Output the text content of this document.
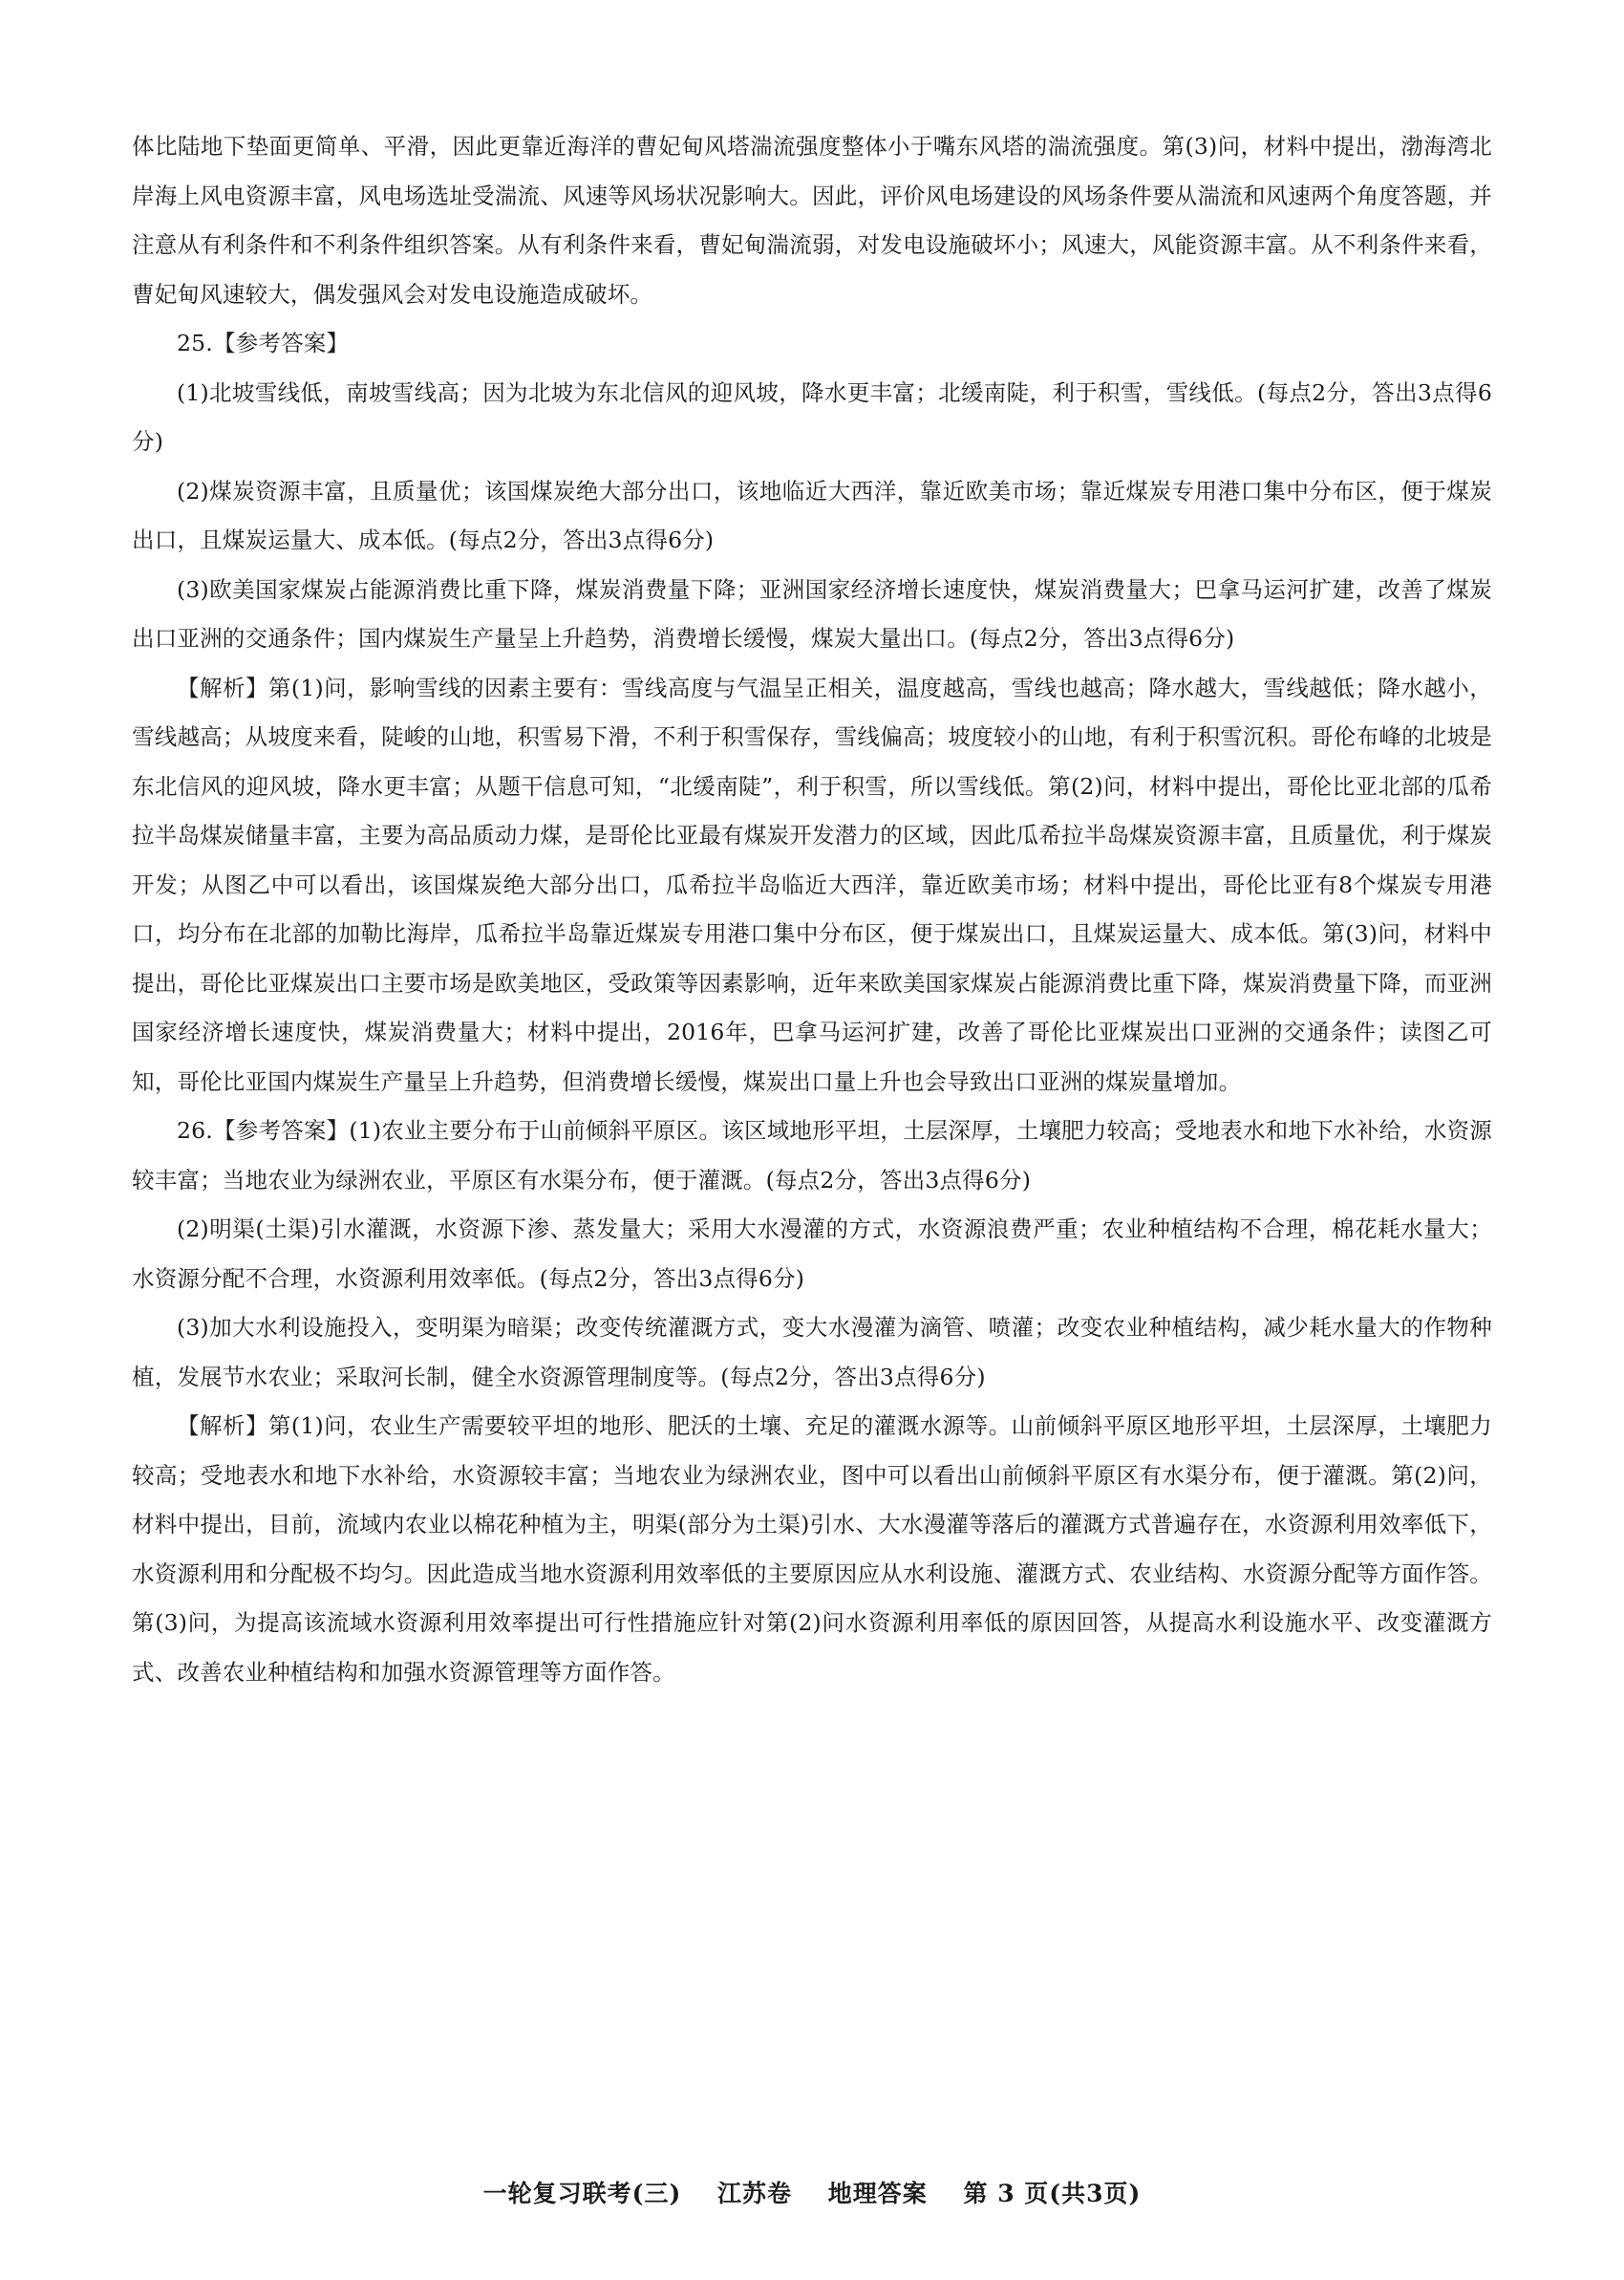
体比陆地下垫面更简单、平滑，因此更靠近海洋的曹妃甸风塔湍流强度整体小于嘴东风塔的湍流强度。第(3)问，材料中提出，渤海湾北岸海上风电资源丰富，风电场选址受湍流、风速等风场状况影响大。因此，评价风电场建设的风场条件要从湍流和风速两个角度答题，并注意从有利条件和不利条件组织答案。从有利条件来看，曹妃甸湍流弱，对发电设施破坏小；风速大，风能资源丰富。从不利条件来看，曹妃甸风速较大，偶发强风会对发电设施造成破坏。

25.【参考答案】

(1)北坡雪线低，南坡雪线高；因为北坡为东北信风的迎风坡，降水更丰富；北缓南陡，利于积雪，雪线低。(每点2分，答出3点得6分)

(2)煤炭资源丰富，且质量优；该国煤炭绝大部分出口，该地临近大西洋，靠近欧美市场；靠近煤炭专用港口集中分布区，便于煤炭出口，且煤炭运量大、成本低。(每点2分，答出3点得6分)

(3)欧美国家煤炭占能源消费比重下降，煤炭消费量下降；亚洲国家经济增长速度快，煤炭消费量大；巴拿马运河扩建，改善了煤炭出口亚洲的交通条件；国内煤炭生产量呈上升趋势，消费增长缓慢，煤炭大量出口。(每点2分，答出3点得6分)

【解析】第(1)问，影响雪线的因素主要有：雪线高度与气温呈正相关，温度越高，雪线也越高；降水越大，雪线越低；降水越小，雪线越高；从坡度来看，陡峻的山地，积雪易下滑，不利于积雪保存，雪线偏高；坡度较小的山地，有利于积雪沉积。哥伦布峰的北坡是东北信风的迎风坡，降水更丰富；从题干信息可知，“北缓南陡”，利于积雪，所以雪线低。第(2)问，材料中提出，哥伦比亚北部的瓜希拉半岛煤炭储量丰富，主要为高品质动力煤，是哥伦比亚最有煤炭开发潜力的区域，因此瓜希拉半岛煤炭资源丰富，且质量优，利于煤炭开发；从图乙中可以看出，该国煤炭绝大部分出口，瓜希拉半岛临近大西洋，靠近欧美市场；材料中提出，哥伦比亚有8个煤炭专用港口，均分布在北部的加勒比海岸，瓜希拉半岛靠近煤炭专用港口集中分布区，便于煤炭出口，且煤炭运量大、成本低。第(3)问，材料中提出，哥伦比亚煤炭出口主要市场是欧美地区，受政策等因素影响，近年来欧美国家煤炭占能源消费比重下降，煤炭消费量下降，而亚洲国家经济增长速度快，煤炭消费量大；材料中提出，2016年，巴拿马运河扩建，改善了哥伦比亚煤炭出口亚洲的交通条件；读图乙可知，哥伦比亚国内煤炭生产量呈上升趋势，但消费增长缓慢，煤炭出口量上升也会导致出口亚洲的煤炭量增加。

26.【参考答案】(1)农业主要分布于山前倾斜平原区。该区域地形平坦，土层深厚，土壤肥力较高；受地表水和地下水补给，水资源较丰富；当地农业为绿洲农业，平原区有水渠分布，便于灌溉。(每点2分，答出3点得6分)

(2)明渠(土渠)引水灌溉，水资源下渗、蒸发量大；采用大水漫灌的方式，水资源浪费严重；农业种植结构不合理，棉花耗水量大；水资源分配不合理，水资源利用效率低。(每点2分，答出3点得6分)

(3)加大水利设施投入，变明渠为暗渠；改变传统灌溉方式，变大水漫灌为滴管、喷灌；改变农业种植结构，减少耗水量大的作物种植，发展节水农业；采取河长制，健全水资源管理制度等。(每点2分，答出3点得6分)

【解析】第(1)问，农业生产需要较平坦的地形、肥沃的土壤、充足的灌溉水源等。山前倾斜平原区地形平坦，土层深厚，土壤肥力较高；受地表水和地下水补给，水资源较丰富；当地农业为绿洲农业，图中可以看出山前倾斜平原区有水渠分布，便于灌溉。第(2)问，材料中提出，目前，流域内农业以棉花种植为主，明渠(部分为土渠)引水、大水漫灌等落后的灌溉方式普遍存在，水资源利用效率低下，水资源利用和分配极不均匀。因此造成当地水资源利用效率低的主要原因应从水利设施、灌溉方式、农业结构、水资源分配等方面作答。第(3)问，为提高该流域水资源利用效率提出可行性措施应针对第(2)问水资源利用率低的原因回答，从提高水利设施水平、改变灌溉方式、改善农业种植结构和加强水资源管理等方面作答。

一轮复习联考(三) 江苏卷 地理答案 第 3 页(共3页)
